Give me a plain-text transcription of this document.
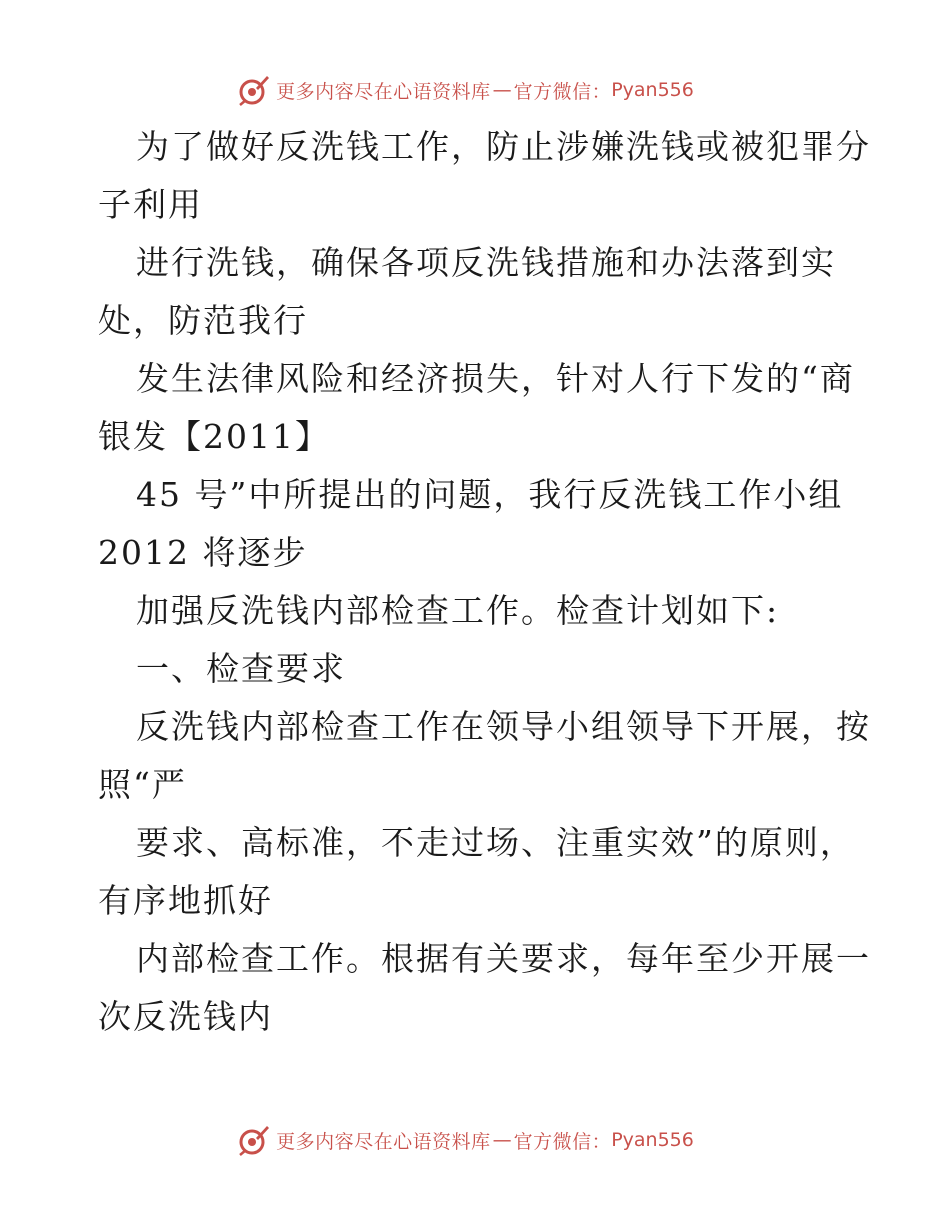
更多内容尽在心语资料库 — 官方微信： Pyan556
为了做好反洗钱工作，防止涉嫌洗钱或被犯罪分
子利用
进行洗钱，确保各项反洗钱措施和办法落到实
处，防范我行
发生法律风险和经济损失，针对人行下发的“商
银发【2011】
45 号”中所提出的问题，我行反洗钱工作小组
2012 将逐步
加强反洗钱内部检查工作。检查计划如下:
一、检查要求
反洗钱内部检查工作在领导小组领导下开展，按
照“严
要求、高标准，不走过场、注重实效”的原则，
有序地抓好
内部检查工作。根据有关要求，每年至少开展一
次反洗钱内
更多内容尽在心语资料库 — 官方微信： Pyan556
